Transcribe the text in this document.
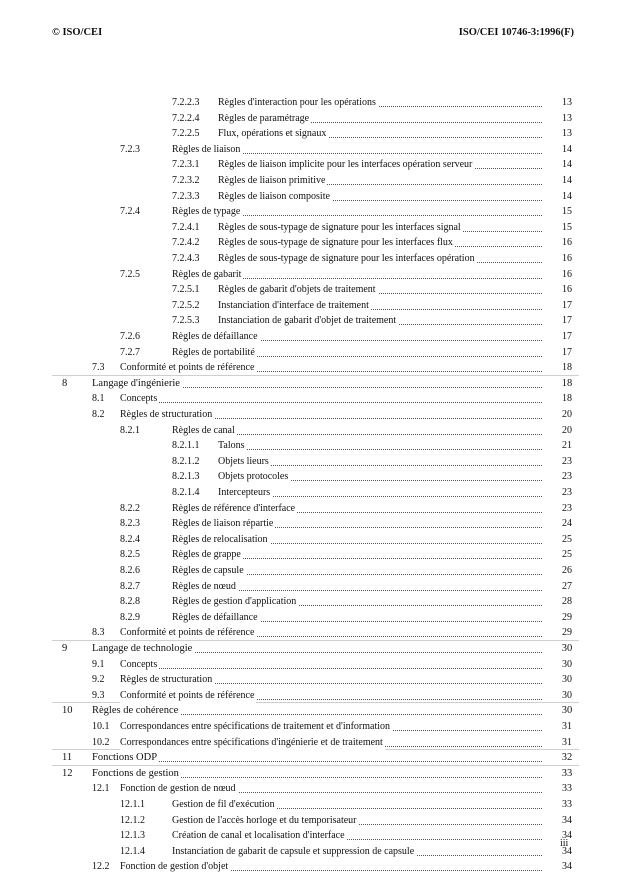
© ISO/CEI	ISO/CEI 10746-3:1996(F)
7.2.2.3 Règles d'interaction pour les opérations	13
7.2.2.4 Règles de paramétrage	13
7.2.2.5 Flux, opérations et signaux	13
7.2.3	Règles de liaison	14
7.2.3.1 Règles de liaison implicite pour les interfaces opération serveur	14
7.2.3.2 Règles de liaison primitive	14
7.2.3.3 Règles de liaison composite	14
7.2.4	Règles de typage	15
7.2.4.1 Règles de sous-typage de signature pour les interfaces signal	15
7.2.4.2 Règles de sous-typage de signature pour les interfaces flux	16
7.2.4.3 Règles de sous-typage de signature pour les interfaces opération	16
7.2.5	Règles de gabarit	16
7.2.5.1 Règles de gabarit d'objets de traitement	16
7.2.5.2 Instanciation d'interface de traitement	17
7.2.5.3 Instanciation de gabarit d'objet de traitement	17
7.2.6	Règles de défaillance	17
7.2.7	Règles de portabilité	17
7.3 Conformité et points de référence	18
8 Langage d'ingénierie	18
8.1 Concepts	18
8.2 Règles de structuration	20
8.2.1	Règles de canal	20
8.2.1.1 Talons	21
8.2.1.2 Objets lieurs	23
8.2.1.3 Objets protocoles	23
8.2.1.4 Intercepteurs	23
8.2.2	Règles de référence d'interface	23
8.2.3	Règles de liaison répartie	24
8.2.4	Règles de relocalisation	25
8.2.5	Règles de grappe	25
8.2.6	Règles de capsule	26
8.2.7	Règles de nœud	27
8.2.8	Règles de gestion d'application	28
8.2.9	Règles de défaillance	29
8.3 Conformité et points de référence	29
9 Langage de technologie	30
9.1 Concepts	30
9.2 Règles de structuration	30
9.3 Conformité et points de référence	30
10 Règles de cohérence	30
10.1 Correspondances entre spécifications de traitement et d'information	31
10.2 Correspondances entre spécifications d'ingénierie et de traitement	31
11 Fonctions ODP	32
12 Fonctions de gestion	33
12.1 Fonction de gestion de nœud	33
12.1.1	Gestion de fil d'exécution	33
12.1.2	Gestion de l'accès horloge et du temporisateur	34
12.1.3	Création de canal et localisation d'interface	34
12.1.4	Instanciation de gabarit de capsule et suppression de capsule	34
12.2 Fonction de gestion d'objet	34
iii
